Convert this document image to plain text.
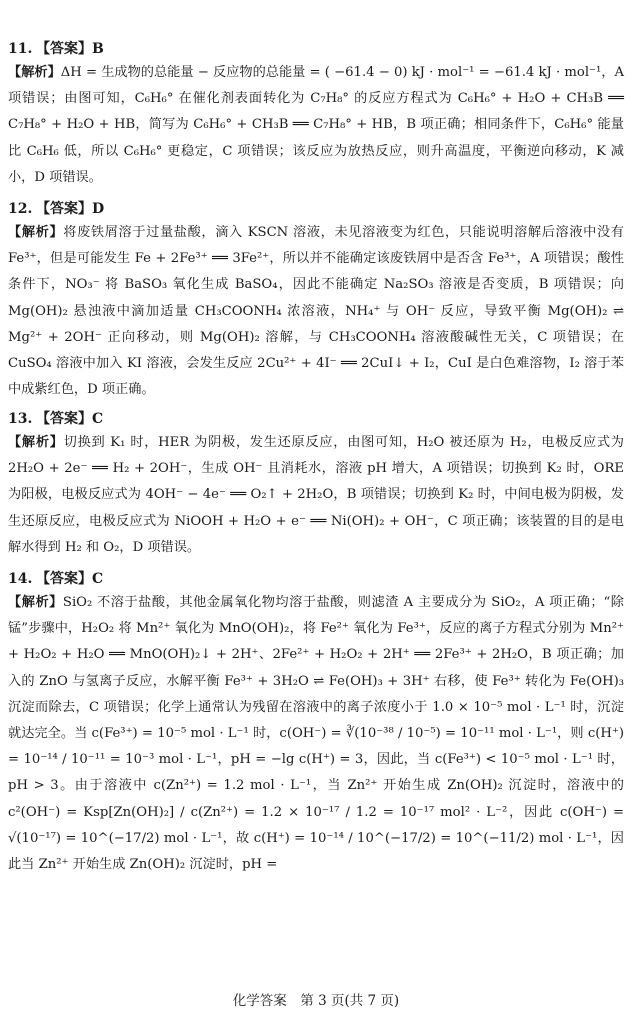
11. 【答案】B
【解析】ΔH = 生成物的总能量 − 反应物的总能量 = ( −61.4 − 0) kJ · mol⁻¹ = −61.4 kJ · mol⁻¹，A 项错误；由图可知，C₆H₆° 在催化剂表面转化为 C₇H₈° 的反应方程式为 C₆H₆° + H₂O + CH₃B ══ C₇H₈° + H₂O + HB，简写为 C₆H₆° + CH₃B ══ C₇H₈° + HB，B 项正确；相同条件下，C₆H₆° 能量比 C₆H₆ 低，所以 C₆H₆° 更稳定，C 项错误；该反应为放热反应，则升高温度，平衡逆向移动，K 减小，D 项错误。
12. 【答案】D
【解析】将废铁屑溶于过量盐酸，滴入 KSCN 溶液，未见溶液变为红色，只能说明溶解后溶液中没有 Fe³⁺，但是可能发生 Fe + 2Fe³⁺ ══ 3Fe²⁺，所以并不能确定该废铁屑中是否含 Fe³⁺，A 项错误；酸性条件下，NO₃⁻ 将 BaSO₃ 氧化生成 BaSO₄，因此不能确定 Na₂SO₃ 溶液是否变质，B 项错误；向 Mg(OH)₂ 悬浊液中滴加适量 CH₃COONH₄ 浓溶液，NH₄⁺ 与 OH⁻ 反应，导致平衡 Mg(OH)₂ ⇌ Mg²⁺ + 2OH⁻ 正向移动，则 Mg(OH)₂ 溶解，与 CH₃COONH₄ 溶液酸碱性无关，C 项错误；在 CuSO₄ 溶液中加入 KI 溶液，会发生反应 2Cu²⁺ + 4I⁻ ══ 2CuI↓ + I₂，CuI 是白色难溶物，I₂ 溶于苯中成紫红色，D 项正确。
13. 【答案】C
【解析】切换到 K₁ 时，HER 为阴极，发生还原反应，由图可知，H₂O 被还原为 H₂，电极反应式为 2H₂O + 2e⁻ ══ H₂ + 2OH⁻，生成 OH⁻ 且消耗水，溶液 pH 增大，A 项错误；切换到 K₂ 时，ORE 为阳极，电极反应式为 4OH⁻ − 4e⁻ ══ O₂↑ + 2H₂O，B 项错误；切换到 K₂ 时，中间电极为阴极，发生还原反应，电极反应式为 NiOOH + H₂O + e⁻ ══ Ni(OH)₂ + OH⁻，C 项正确；该装置的目的是电解水得到 H₂ 和 O₂，D 项错误。
14. 【答案】C
【解析】SiO₂ 不溶于盐酸，其他金属氧化物均溶于盐酸，则滤渣 A 主要成分为 SiO₂，A 项正确；“除锰”步骤中，H₂O₂ 将 Mn²⁺ 氧化为 MnO(OH)₂，将 Fe²⁺ 氧化为 Fe³⁺，反应的离子方程式分别为 Mn²⁺ + H₂O₂ + H₂O ══ MnO(OH)₂↓ + 2H⁺、2Fe²⁺ + H₂O₂ + 2H⁺ ══ 2Fe³⁺ + 2H₂O，B 项正确；加入的 ZnO 与氢离子反应，水解平衡 Fe³⁺ + 3H₂O ⇌ Fe(OH)₃ + 3H⁺ 右移，使 Fe³⁺ 转化为 Fe(OH)₃ 沉淀而除去，C 项错误；化学上通常认为残留在溶液中的离子浓度小于 1.0 × 10⁻⁵ mol · L⁻¹ 时，沉淀就达完全。当 c(Fe³⁺) = 10⁻⁵ mol · L⁻¹ 时，c(OH⁻) = ∛(10⁻³⁸ / 10⁻⁵) = 10⁻¹¹ mol · L⁻¹，则 c(H⁺) = 10⁻¹⁴ / 10⁻¹¹ = 10⁻³ mol · L⁻¹，pH = −lg c(H⁺) = 3，因此，当 c(Fe³⁺) < 10⁻⁵ mol · L⁻¹ 时，pH > 3。由于溶液中 c(Zn²⁺) = 1.2 mol · L⁻¹，当 Zn²⁺ 开始生成 Zn(OH)₂ 沉淀时，溶液中的 c²(OH⁻) = Ksp[Zn(OH)₂] / c(Zn²⁺) = 1.2 × 10⁻¹⁷ / 1.2 = 10⁻¹⁷ mol² · L⁻²，因此 c(OH⁻) = √(10⁻¹⁷) = 10^(−17/2) mol · L⁻¹，故 c(H⁺) = 10⁻¹⁴ / 10^(−17/2) = 10^(−11/2) mol · L⁻¹，因此当 Zn²⁺ 开始生成 Zn(OH)₂ 沉淀时，pH =
化学答案　第 3 页(共 7 页)
